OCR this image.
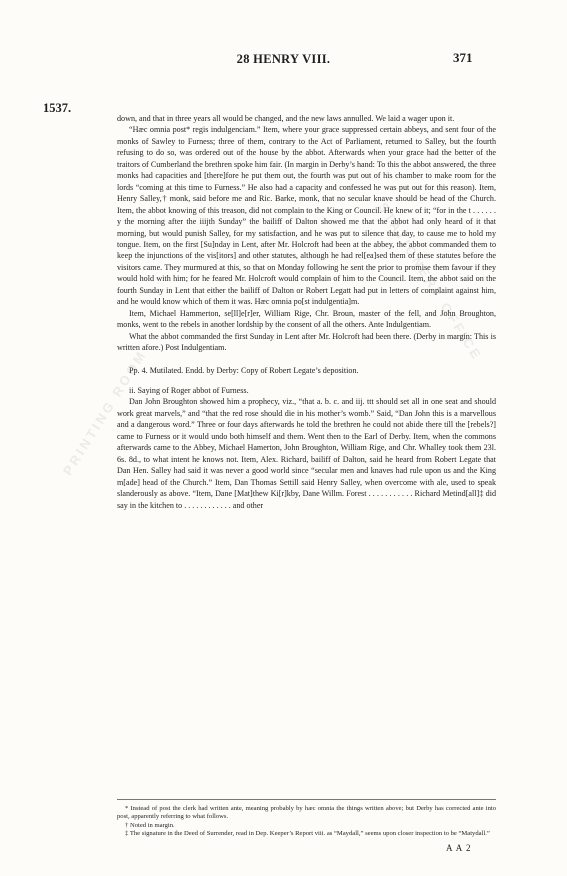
PRINTING ROOM
STATIONERY OFFICE
28 HENRY VIII.	371
1537.

down, and that in three years all would be changed, and the new laws annulled. We laid a wager upon it.

“Hæc omnia post* regis indulgenciam.” Item, where your grace suppressed certain abbeys, and sent four of the monks of Sawley to Furness; three of them, contrary to the Act of Parliament, returned to Salley, but the fourth refusing to do so, was ordered out of the house by the abbot. Afterwards when your grace had the better of the traitors of Cumberland the brethren spoke him fair. (In margin in Derby’s hand: To this the abbot answered, the three monks had capacities and [there]fore he put them out, the fourth was put out of his chamber to make room for the lords “coming at this time to Furness.” He also had a capacity and confessed he was put out for this reason). Item, Henry Salley,† monk, said before me and Ric. Barke, monk, that no secular knave should be head of the Church. Item, the abbot knowing of this treason, did not complain to the King or Council. He knew of it; “for in the t . . . . . . y the morning after the iiijth Sunday” the bailiff of Dalton showed me that the abbot had only heard of it that morning, but would punish Salley, for my satisfaction, and he was put to silence that day, to cause me to hold my tongue. Item, on the first [Su]nday in Lent, after Mr. Holcroft had been at the abbey, the abbot commanded them to keep the injunctions of the vis[itors] and other statutes, although he had rel[ea]sed them of these statutes before the visitors came. They murmured at this, so that on Monday following he sent the prior to promise them favour if they would hold with him; for he feared Mr. Holcroft would complain of him to the Council. Item, the abbot said on the fourth Sunday in Lent that either the bailiff of Dalton or Robert Legatt had put in letters of complaint against him, and he would know which of them it was. Hæc omnia po[st indulgentia]m.

Item, Michael Hammerton, se[ll]e[r]er, William Rige, Chr. Broun, master of the fell, and John Broughton, monks, went to the rebels in another lordship by the consent of all the others. Ante Indulgentiam.

What the abbot commanded the first Sunday in Lent after Mr. Holcroft had been there. (Derby in margin: This is written afore.) Post Indulgentiam.

Pp. 4. Mutilated. Endd. by Derby: Copy of Robert Legate’s deposition.

ii. Saying of Roger abbot of Furness.

Dan John Broughton showed him a prophecy, viz., “that a. b. c. and iij. ttt should set all in one seat and should work great marvels,” and “that the red rose should die in his mother’s womb.” Said, “Dan John this is a marvellous and a dangerous word.” Three or four days afterwards he told the brethren he could not abide there till the [rebels?] came to Furness or it would undo both himself and them. Went then to the Earl of Derby. Item, when the commons afterwards came to the Abbey, Michael Hamerton, John Broughton, William Rige, and Chr. Whalley took them 23l. 6s. 8d., to what intent he knows not. Item, Alex. Richard, bailiff of Dalton, said he heard from Robert Legate that Dan Hen. Salley had said it was never a good world since “secular men and knaves had rule upon us and the King m[ade] head of the Church.” Item, Dan Thomas Settill said Henry Salley, when overcome with ale, used to speak slanderously as above. “Item, Dane [Mat]thew Ki[r]kby, Dane Willm. Forest . . . . . . . . . . . Richard Metind[all]‡ did say in the kitchen to . . . . . . . . . . . . and other

* Instead of post the clerk had written ante, meaning probably by hæc omnia the things written above; but Derby has corrected ante into post, apparently referring to what follows.

† Noted in margin.

‡ The signature in the Deed of Surrender, read in Dep. Keeper’s Report viii. as “Maydall,” seems upon closer inspection to be “Matydall.”

A A 2
